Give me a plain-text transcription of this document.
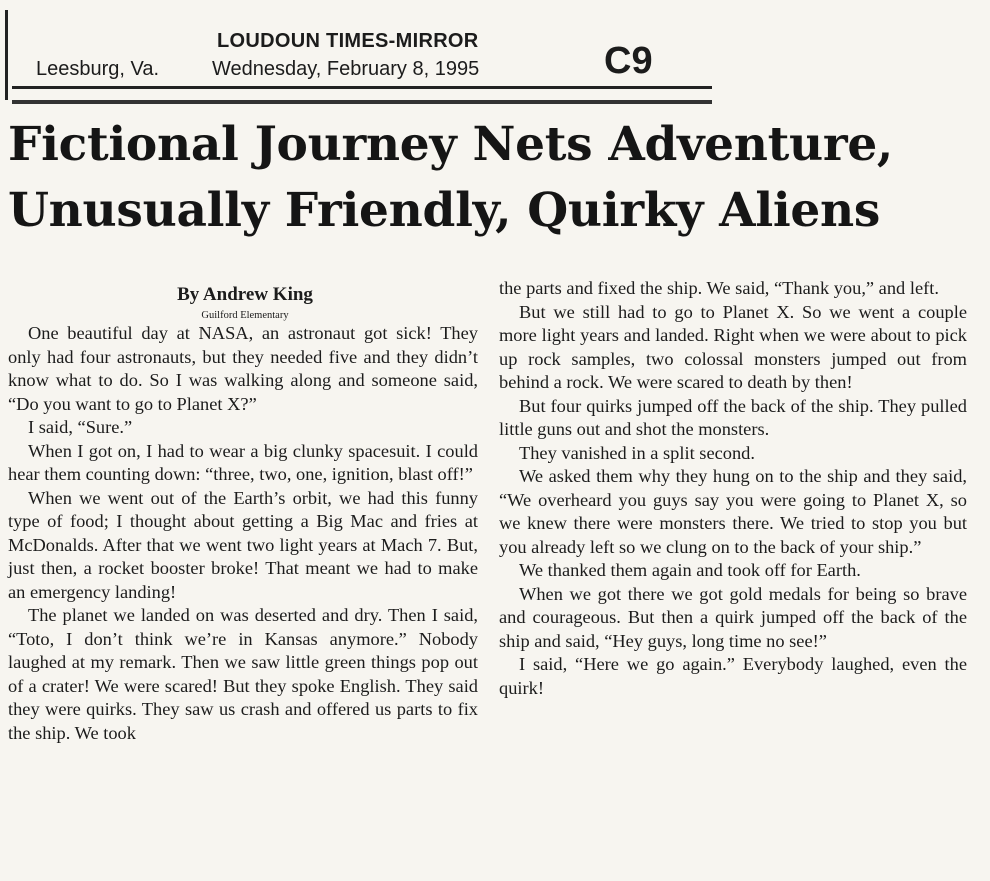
Leesburg, Va.
LOUDOUN TIMES-MIRROR
Wednesday, February 8, 1995	C9
Fictional Journey Nets Adventure,
Unusually Friendly, Quirky Aliens
By Andrew King
Guilford Elementary

One beautiful day at NASA, an astronaut got sick! They only had four astronauts, but they needed five and they didn’t know what to do. So I was walking along and someone said, “Do you want to go to Planet X?”

I said, “Sure.”

When I got on, I had to wear a big clunky spacesuit. I could hear them counting down: “three, two, one, ignition, blast off!”

When we went out of the Earth’s orbit, we had this funny type of food; I thought about getting a Big Mac and fries at McDonalds. After that we went two light years at Mach 7. But, just then, a rocket booster broke! That meant we had to make an emergency landing!

The planet we landed on was deserted and dry. Then I said, “Toto, I don’t think we’re in Kansas anymore.” Nobody laughed at my remark. Then we saw little green things pop out of a crater! We were scared! But they spoke English. They said they were quirks. They saw us crash and offered us parts to fix the ship. We took

the parts and fixed the ship. We said, “Thank you,” and left.

But we still had to go to Planet X. So we went a couple more light years and landed. Right when we were about to pick up rock samples, two colossal monsters jumped out from behind a rock. We were scared to death by then!

But four quirks jumped off the back of the ship. They pulled little guns out and shot the monsters.

They vanished in a split second.

We asked them why they hung on to the ship and they said, “We overheard you guys say you were going to Planet X, so we knew there were monsters there. We tried to stop you but you already left so we clung on to the back of your ship.”

We thanked them again and took off for Earth.

When we got there we got gold medals for being so brave and courageous. But then a quirk jumped off the back of the ship and said, “Hey guys, long time no see!”

I said, “Here we go again.” Everybody laughed, even the quirk!
